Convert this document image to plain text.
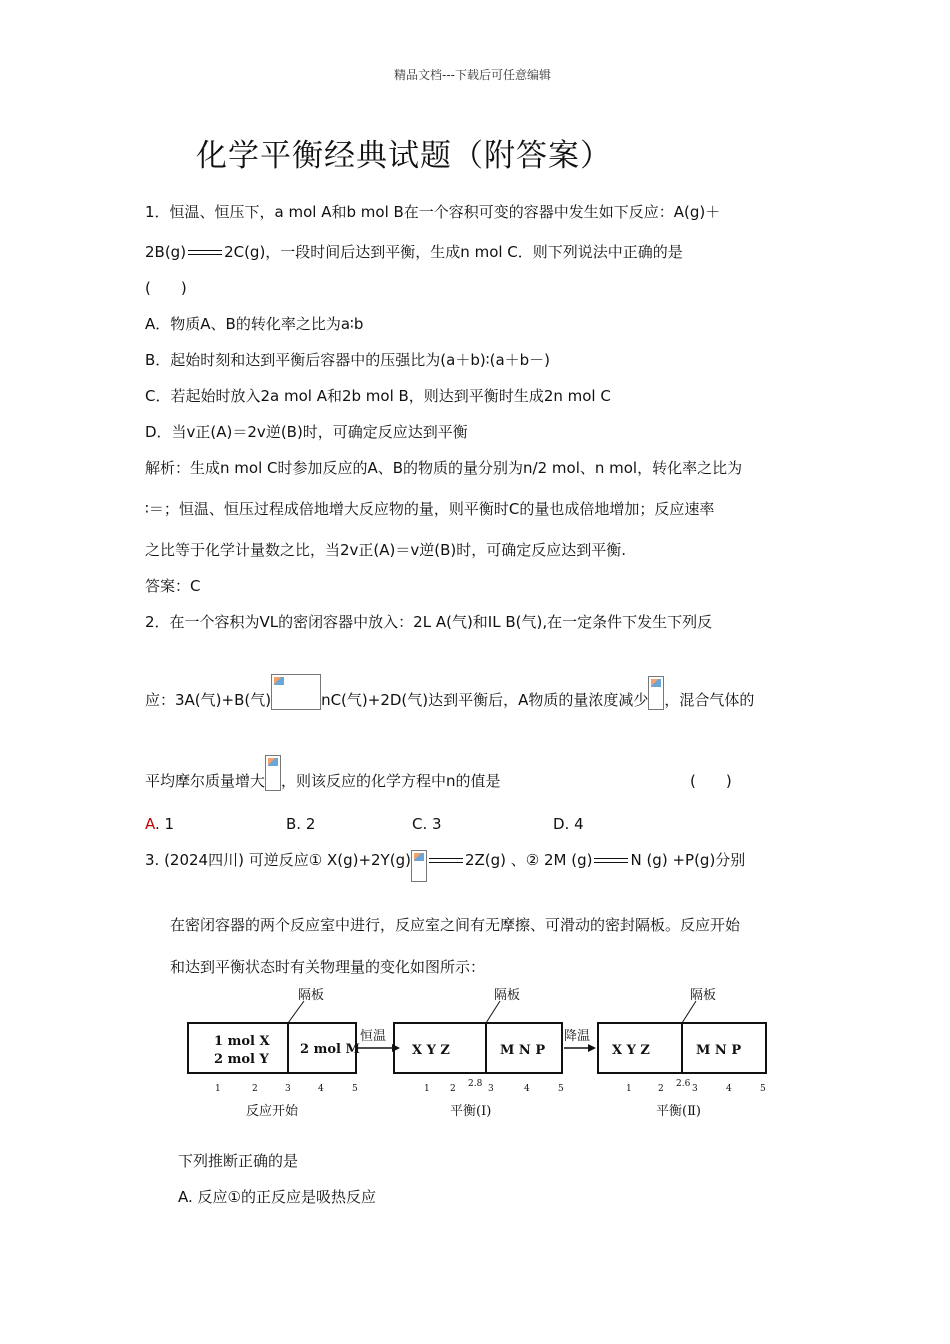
精品文档---下载后可任意编辑
化学平衡经典试题（附答案）
1．恒温、恒压下，a mol A和b mol B在一个容积可变的容器中发生如下反应：A(g)＋
2B(g)	2C(g)，一段时间后达到平衡，生成n mol C．则下列说法中正确的是
(　　)
A．物质A、B的转化率之比为a∶b
B．起始时刻和达到平衡后容器中的压强比为(a＋b)∶(a＋b－)
C．若起始时放入2a mol A和2b mol B，则达到平衡时生成2n mol C
D．当v正(A)＝2v逆(B)时，可确定反应达到平衡
解析：生成n mol C时参加反应的A、B的物质的量分别为n/2 mol、n mol，转化率之比为
∶＝；恒温、恒压过程成倍地增大反应物的量，则平衡时C的量也成倍地增加；反应速率
之比等于化学计量数之比，当2v正(A)＝v逆(B)时，可确定反应达到平衡.
答案：C
2．在一个容积为VL的密闭容器中放入：2L A(气)和IL B(气),在一定条件下发生下列反
应：3A(气)+B(气)	nC(气)+2D(气)达到平衡后，A物质的量浓度减少 ，混合气体的
平均摩尔质量增大 ，则该反应的化学方程中n的值是	(　　)
A. 1	B. 2	C. 3	D. 4
3. (2024四川) 可逆反应① X(g)+2Y(g)	2Z(g) 、② 2M (g)	N (g) +P(g)分别
在密闭容器的两个反应室中进行，反应室之间有无摩擦、可滑动的密封隔板。反应开始
和达到平衡状态时有关物理量的变化如图所示：
隔板
1 mol X
2 mol Y
2 mol M
恒温
隔板
X Y Z	M N P
降温
隔板
X Y Z	M N P
1	2	3	4	5	1 2 2.8 3	4	5	1	2 2.6 3	4	5
反应开始	平衡(Ⅰ)	平衡(Ⅱ)
下列推断正确的是
A. 反应①的正反应是吸热反应
